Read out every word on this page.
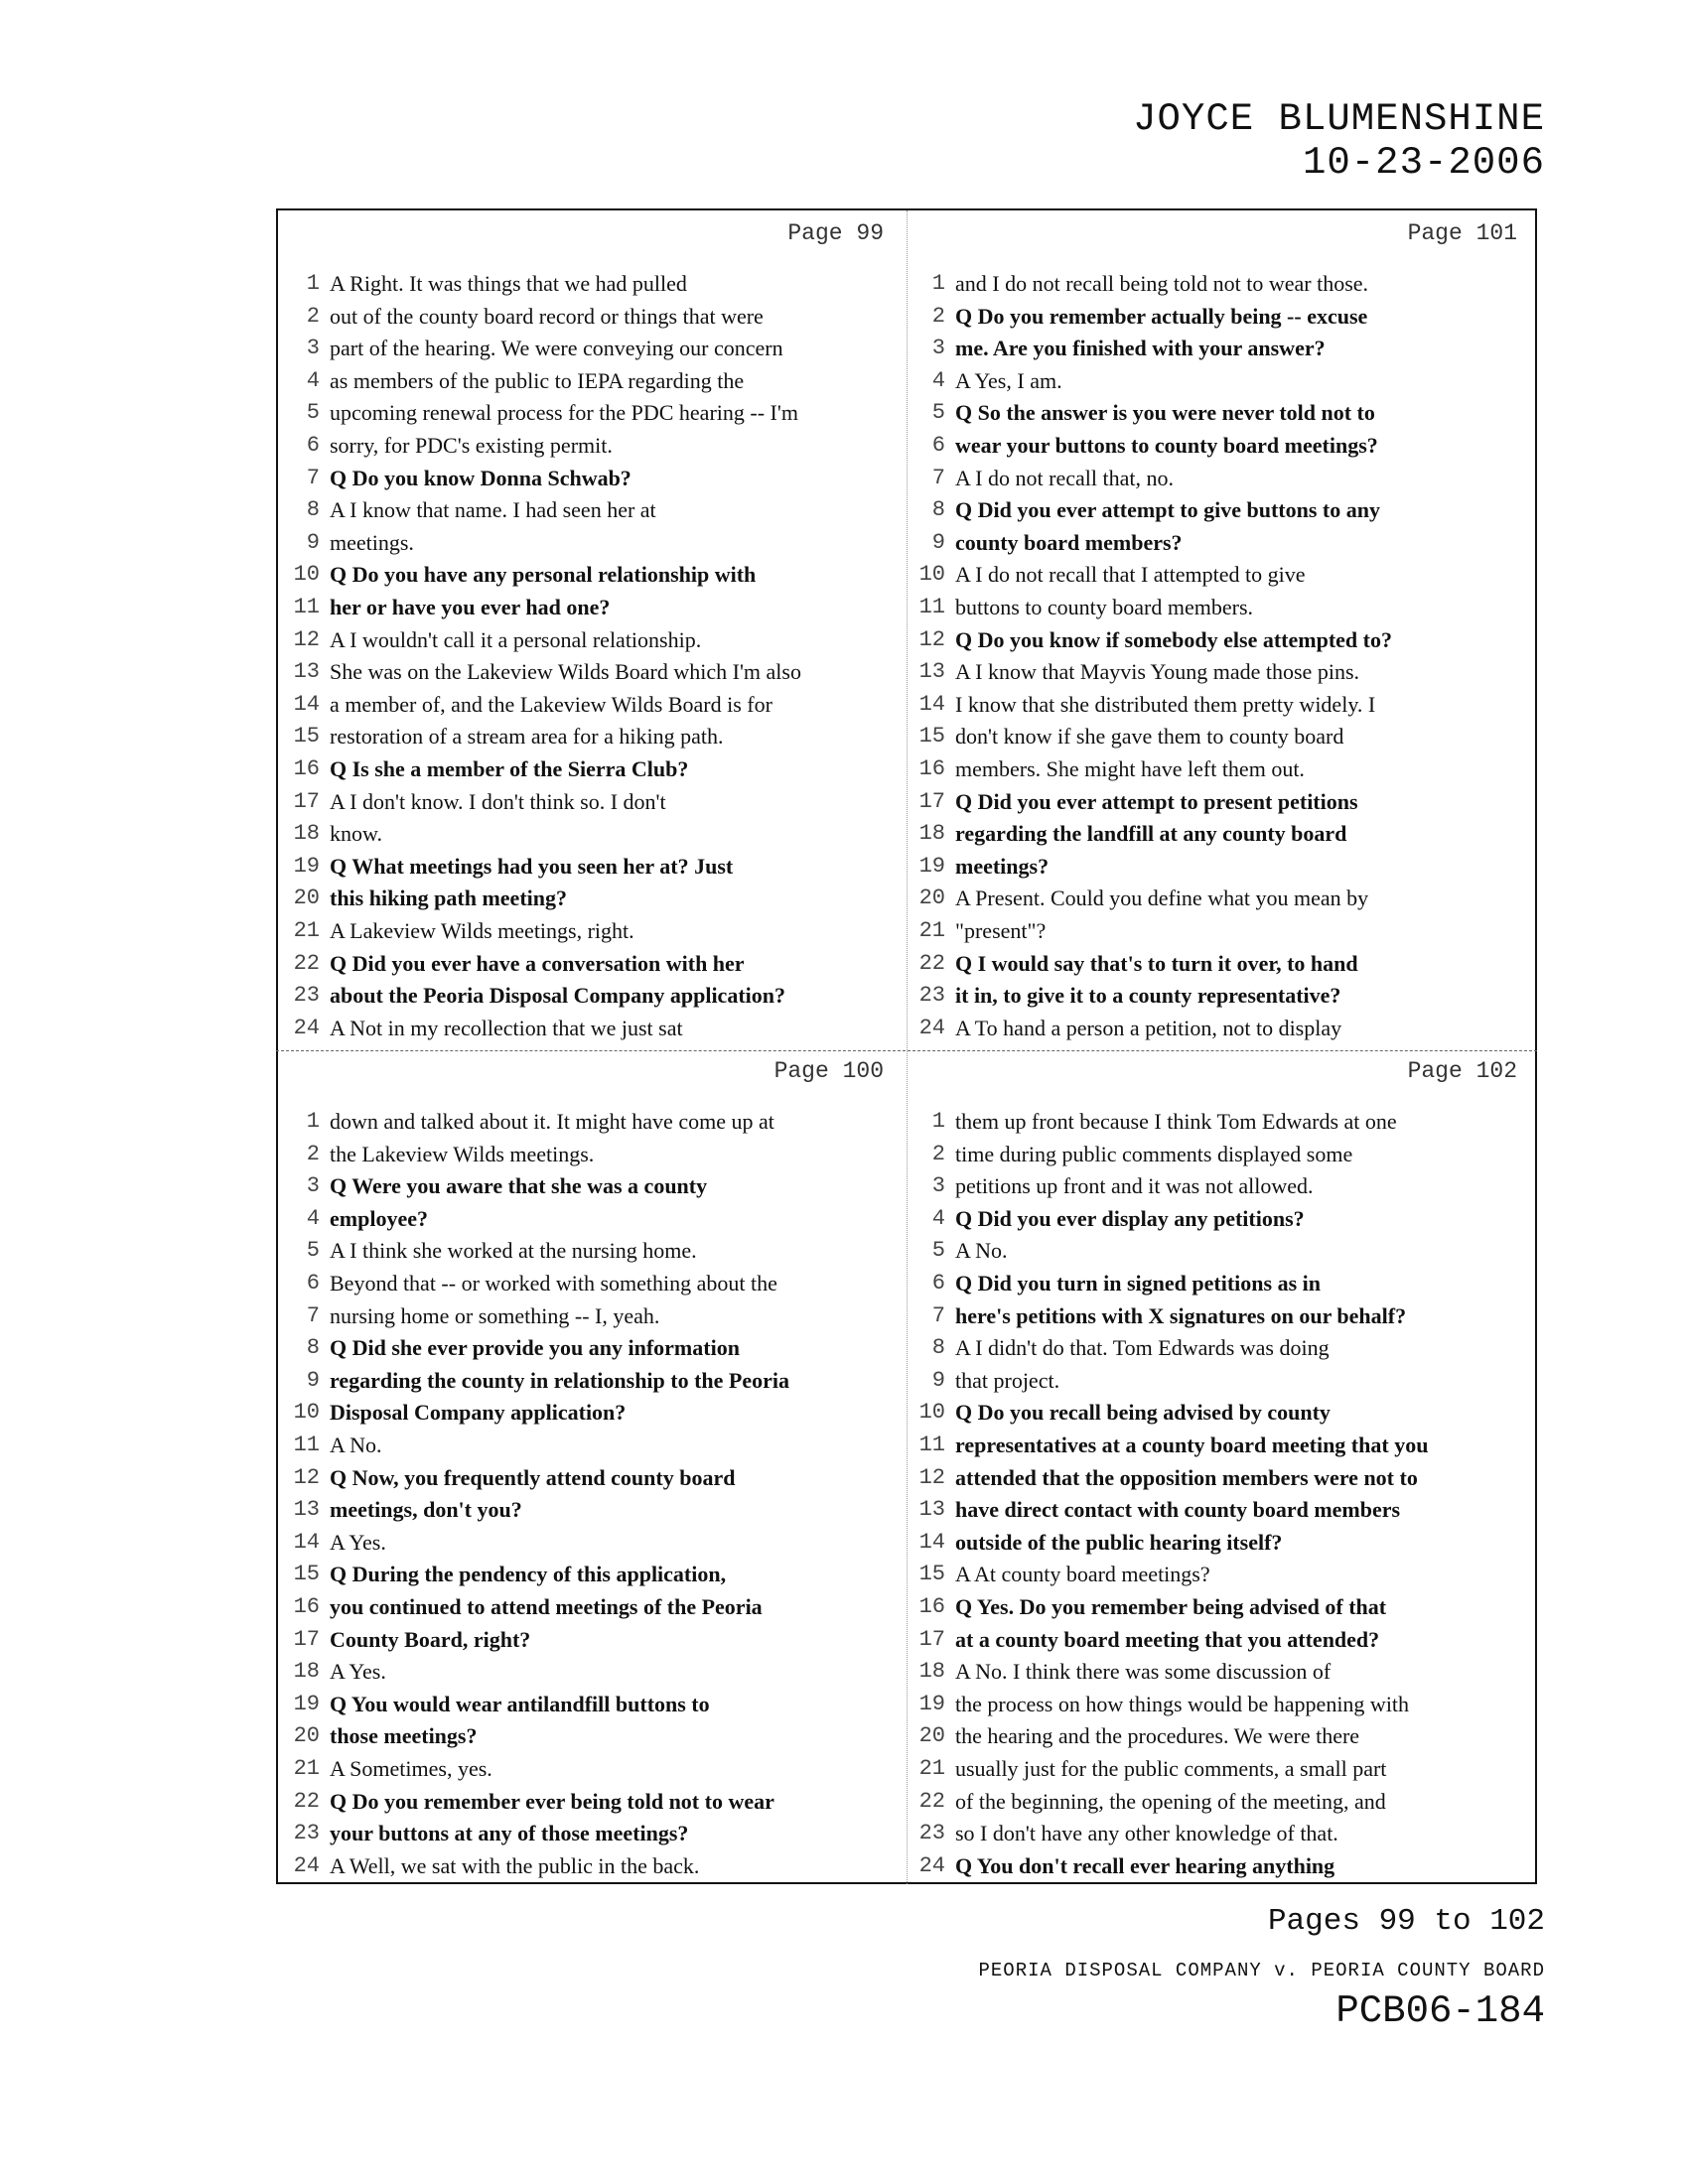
JOYCE BLUMENSHINE
10-23-2006
Page 99
1 A Right. It was things that we had pulled
2 out of the county board record or things that were
3 part of the hearing. We were conveying our concern
4 as members of the public to IEPA regarding the
5 upcoming renewal process for the PDC hearing -- I'm
6 sorry, for PDC's existing permit.
7 Q Do you know Donna Schwab?
8 A I know that name. I had seen her at
9 meetings.
10 Q Do you have any personal relationship with
11 her or have you ever had one?
12 A I wouldn't call it a personal relationship.
13 She was on the Lakeview Wilds Board which I'm also
14 a member of, and the Lakeview Wilds Board is for
15 restoration of a stream area for a hiking path.
16 Q Is she a member of the Sierra Club?
17 A I don't know. I don't think so. I don't
18 know.
19 Q What meetings had you seen her at? Just
20 this hiking path meeting?
21 A Lakeview Wilds meetings, right.
22 Q Did you ever have a conversation with her
23 about the Peoria Disposal Company application?
24 A Not in my recollection that we just sat
Page 101
1 and I do not recall being told not to wear those.
2 Q Do you remember actually being -- excuse
3 me. Are you finished with your answer?
4 A Yes, I am.
5 Q So the answer is you were never told not to
6 wear your buttons to county board meetings?
7 A I do not recall that, no.
8 Q Did you ever attempt to give buttons to any
9 county board members?
10 A I do not recall that I attempted to give
11 buttons to county board members.
12 Q Do you know if somebody else attempted to?
13 A I know that Mayvis Young made those pins.
14 I know that she distributed them pretty widely. I
15 don't know if she gave them to county board
16 members. She might have left them out.
17 Q Did you ever attempt to present petitions
18 regarding the landfill at any county board
19 meetings?
20 A Present. Could you define what you mean by
21 "present"?
22 Q I would say that's to turn it over, to hand
23 it in, to give it to a county representative?
24 A To hand a person a petition, not to display
Page 100
1 down and talked about it. It might have come up at
2 the Lakeview Wilds meetings.
3 Q Were you aware that she was a county
4 employee?
5 A I think she worked at the nursing home.
6 Beyond that -- or worked with something about the
7 nursing home or something -- I, yeah.
8 Q Did she ever provide you any information
9 regarding the county in relationship to the Peoria
10 Disposal Company application?
11 A No.
12 Q Now, you frequently attend county board
13 meetings, don't you?
14 A Yes.
15 Q During the pendency of this application,
16 you continued to attend meetings of the Peoria
17 County Board, right?
18 A Yes.
19 Q You would wear antilandfill buttons to
20 those meetings?
21 A Sometimes, yes.
22 Q Do you remember ever being told not to wear
23 your buttons at any of those meetings?
24 A Well, we sat with the public in the back.
Page 102
1 them up front because I think Tom Edwards at one
2 time during public comments displayed some
3 petitions up front and it was not allowed.
4 Q Did you ever display any petitions?
5 A No.
6 Q Did you turn in signed petitions as in
7 here's petitions with X signatures on our behalf?
8 A I didn't do that. Tom Edwards was doing
9 that project.
10 Q Do you recall being advised by county
11 representatives at a county board meeting that you
12 attended that the opposition members were not to
13 have direct contact with county board members
14 outside of the public hearing itself?
15 A At county board meetings?
16 Q Yes. Do you remember being advised of that
17 at a county board meeting that you attended?
18 A No. I think there was some discussion of
19 the process on how things would be happening with
20 the hearing and the procedures. We were there
21 usually just for the public comments, a small part
22 of the beginning, the opening of the meeting, and
23 so I don't have any other knowledge of that.
24 Q You don't recall ever hearing anything
Pages 99 to 102
PEORIA DISPOSAL COMPANY v. PEORIA COUNTY BOARD
PCB06-184
